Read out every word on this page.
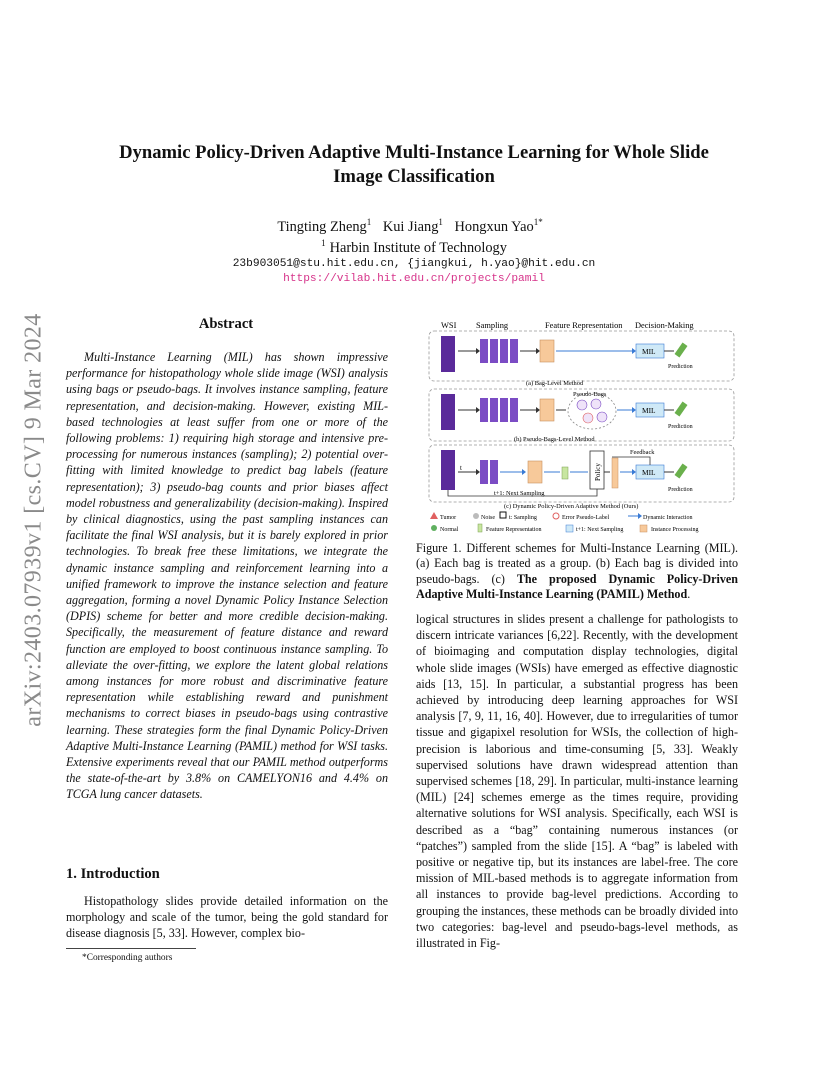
Dynamic Policy-Driven Adaptive Multi-Instance Learning for Whole Slide
Image Classification
Tingting Zheng$^1$ Kui Jiang$^1$ Hongxun Yao$^{1*}$
$^1$ Harbin Institute of Technology
23b903051@stu.hit.edu.cn, {jiangkui, h.yao}@hit.edu.cn
https://vilab.hit.edu.cn/projects/pamil
arXiv:2403.07939v1 [cs.CV] 9 Mar 2024	Abstract
Multi-Instance Learning (MIL) has shown impressive performance for histopathology whole slide image (WSI) analysis using bags or pseudo-bags. It involves instance sampling, feature representation, and decision-making. However, existing MIL-based technologies at least suffer from one or more of the following problems: 1) requiring high storage and intensive pre-processing for numerous instances (sampling); 2) potential over-fitting with limited knowledge to predict bag labels (feature representation); 3) pseudo-bag counts and prior biases affect model robustness and generalizability (decision-making). Inspired by clinical diagnostics, using the past sampling instances can facilitate the final WSI analysis, but it is barely explored in prior technologies. To break free these limitations, we integrate the dynamic instance sampling and reinforcement learning into a unified framework to improve the instance selection and feature aggregation, forming a novel Dynamic Policy Instance Selection (DPIS) scheme for better and more credible decision-making. Specifically, the measurement of feature distance and reward function are employed to boost continuous instance sampling. To alleviate the over-fitting, we explore the latent global relations among instances for more robust and discriminative feature representation while establishing reward and punishment mechanisms to correct biases in pseudo-bags using contrastive learning. These strategies form the final Dynamic Policy-Driven Adaptive Multi-Instance Learning (PAMIL) method for WSI tasks. Extensive experiments reveal that our PAMIL method outperforms the state-of-the-art by 3.8% on CAMELYON16 and 4.4% on TCGA lung cancer datasets.
1. Introduction
Histopathology slides provide detailed information on the morphology and scale of the tumor, being the gold standard for disease diagnosis [5, 33]. However, complex bio-
*Corresponding authors
WSI Sampling	Feature Representation Decision-Making
MIL
Prediction
(a) Bag-Level Method
Pseudo-Bags
MIL
Prediction
(b) Pseudo-Bags-Level Method
t	Policy	MIL
Feedback
Prediction
t+1: Next Sampling
(c) Dynamic Policy-Driven Adaptive Method (Ours)
Tumor	Noise t: Sampling	Error Pseudo-Label	Dynamic Interaction
Normal	Feature Representation	t+1: Next Sampling	Instance Processing
Figure 1. Different schemes for Multi-Instance Learning (MIL). (a) Each bag is treated as a group. (b) Each bag is divided into pseudo-bags. (c) The proposed Dynamic Policy-Driven Adaptive Multi-Instance Learning (PAMIL) Method.
logical structures in slides present a challenge for pathologists to discern intricate variances [6,22]. Recently, with the development of bioimaging and computation display technologies, digital whole slide images (WSIs) have emerged as effective diagnostic aids [13, 15]. In particular, a substantial progress has been achieved by introducing deep learning approaches for WSI analysis [7, 9, 11, 16, 40]. However, due to irregularities of tumor tissue and gigapixel resolution for WSIs, the collection of high-precision is laborious and time-consuming [5, 33]. Weakly supervised solutions have drawn widespread attention than supervised schemes [18, 29]. In particular, multi-instance learning (MIL) [24] schemes emerge as the times require, providing alternative solutions for WSI analysis. Specifically, each WSI is described as a “bag” containing numerous instances (or “patches”) sampled from the slide [15]. A “bag” is labeled with positive or negative tip, but its instances are label-free. The core mission of MIL-based methods is to aggregate information from all instances to provide bag-level predictions. According to grouping the instances, these methods can be broadly divided into two categories: bag-level and pseudo-bags-level methods, as illustrated in Fig-
